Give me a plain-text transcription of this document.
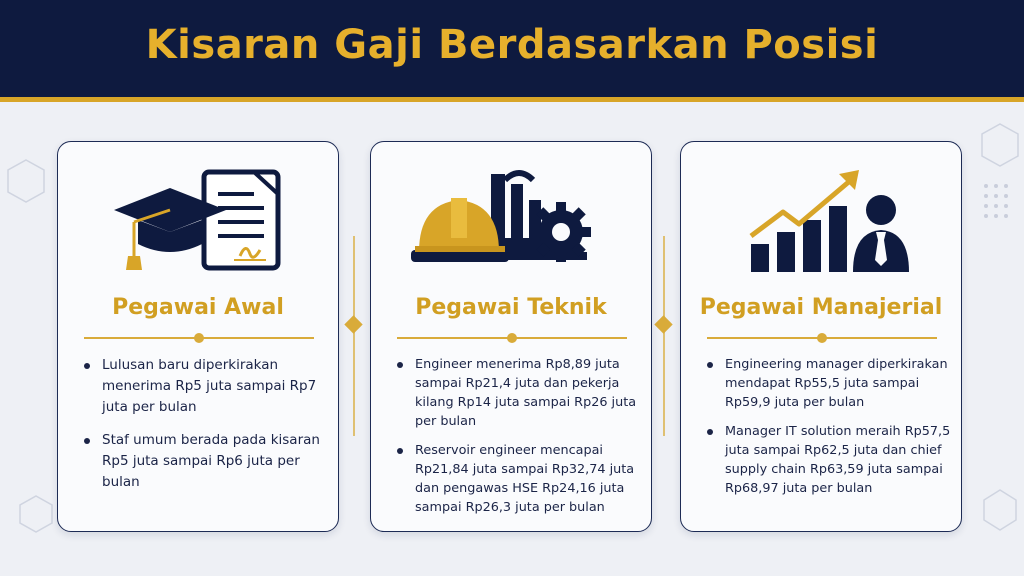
Kisaran Gaji Berdasarkan Posisi
Pegawai Awal
Lulusan baru diperkirakan menerima Rp5 juta sampai Rp7 juta per bulan
Staf umum berada pada kisaran Rp5 juta sampai Rp6 juta per bulan
Pegawai Teknik
Engineer menerima Rp8,89 juta sampai Rp21,4 juta dan pekerja kilang Rp14 juta sampai Rp26 juta per bulan
Reservoir engineer mencapai Rp21,84 juta sampai Rp32,74 juta dan pengawas HSE Rp24,16 juta sampai Rp26,3 juta per bulan
Pegawai Manajerial
Engineering manager diperkirakan mendapat Rp55,5 juta sampai Rp59,9 juta per bulan
Manager IT solution meraih Rp57,5 juta sampai Rp62,5 juta dan chief supply chain Rp63,59 juta sampai Rp68,97 juta per bulan
